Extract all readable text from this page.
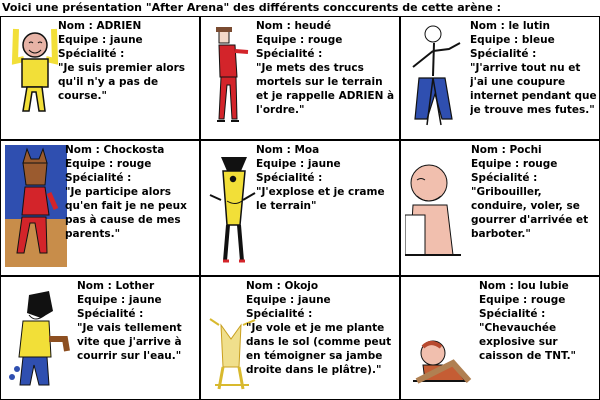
Voici une présentation "After Arena" des différents conccurents de cette arène :
Nom : ADRIEN
Equipe : jaune
Spécialité :
"Je suis premier alors qu'il n'y a pas de course."
Nom : heudé
Equipe : rouge
Spécialité :
"Je mets des trucs mortels sur le terrain et je rappelle ADRIEN à l'ordre."
Nom : le lutin
Equipe : bleue
Spécialité :
"J'arrive tout nu et j'ai une coupure internet pendant que je trouve mes futes."
Nom : Chockosta
Equipe : rouge
Spécialité :
"Je participe alors qu'en fait je ne peux pas à cause de mes parents."
Nom : Moa
Equipe : jaune
Spécialité :
"J'explose et je crame le terrain"
Nom : Pochi
Equipe : rouge
Spécialité :
"Gribouiller, conduire, voler, se gourrer d'arrivée et barboter."
Nom : Lother
Equipe : jaune
Spécialité :
"Je vais tellement vite que j'arrive à courrir sur l'eau."
Nom : Okojo
Equipe : jaune
Spécialité :
"Je vole et je me plante dans le sol (comme peut en témoigner sa jambe droite dans le plâtre)."
Nom : lou lubie
Equipe : rouge
Spécialité :
"Chevauchée explosive sur caisson de TNT."
